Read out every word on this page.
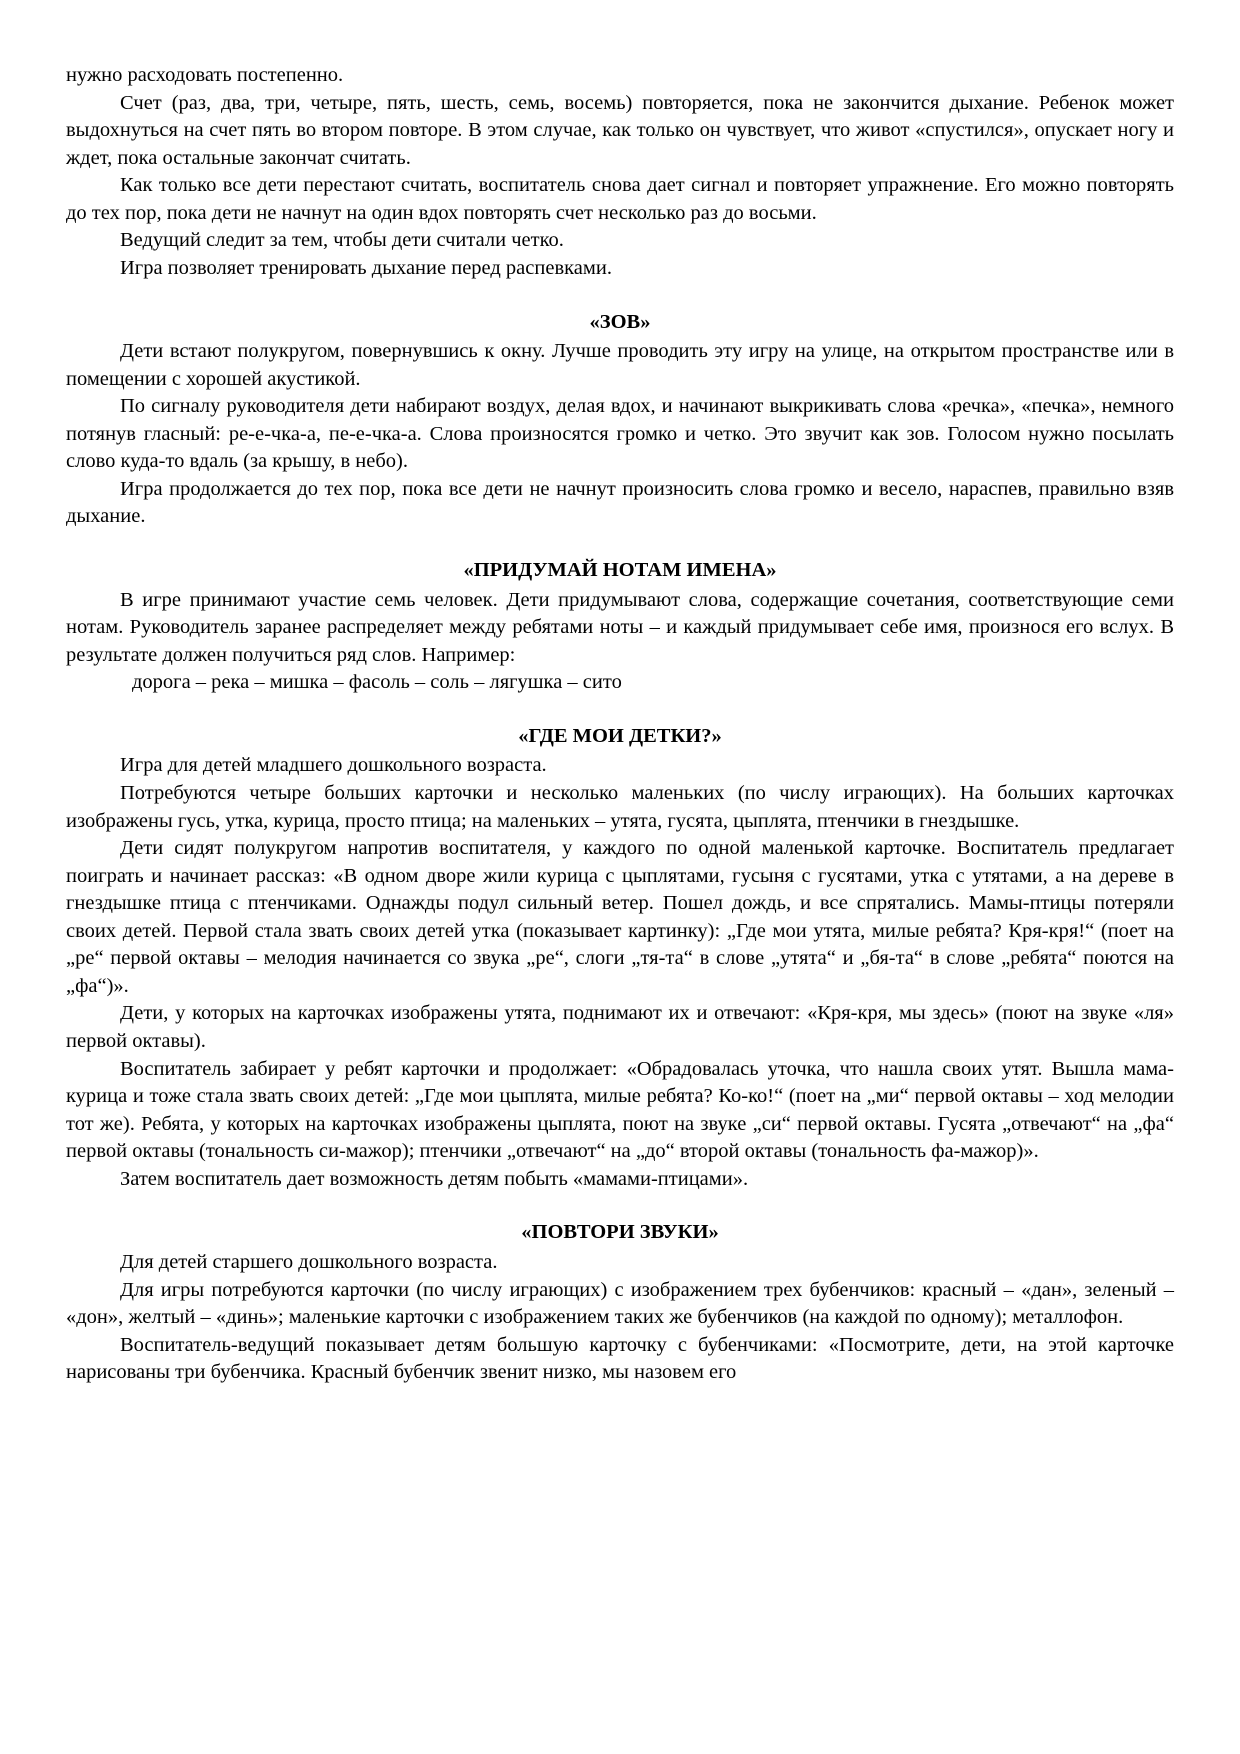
нужно расходовать постепенно.

Счет (раз, два, три, четыре, пять, шесть, семь, восемь) повторяется, пока не закончится дыхание. Ребенок может выдохнуться на счет пять во втором повторе. В этом случае, как только он чувствует, что живот «спустился», опускает ногу и ждет, пока остальные закончат считать.

Как только все дети перестают считать, воспитатель снова дает сигнал и повторяет упражнение. Его можно повторять до тех пор, пока дети не начнут на один вдох повторять счет несколько раз до восьми.

Ведущий следит за тем, чтобы дети считали четко.

Игра позволяет тренировать дыхание перед распевками.

«ЗОВ»

Дети встают полукругом, повернувшись к окну. Лучше проводить эту игру на улице, на открытом пространстве или в помещении с хорошей акустикой.

По сигналу руководителя дети набирают воздух, делая вдох, и начинают выкрикивать слова «речка», «печка», немного потянув гласный: ре-е-чка-а, пе-е-чка-а. Слова произносятся громко и четко. Это звучит как зов. Голосом нужно посылать слово куда-то вдаль (за крышу, в небо).

Игра продолжается до тех пор, пока все дети не начнут произносить слова громко и весело, нараспев, правильно взяв дыхание.

«ПРИДУМАЙ НОТАМ ИМЕНА»

В игре принимают участие семь человек. Дети придумывают слова, содержащие сочетания, соответствующие семи нотам. Руководитель заранее распределяет между ребятами ноты – и каждый придумывает себе имя, произнося его вслух. В результате должен получиться ряд слов. Например:

дорога – река – мишка – фасоль – соль – лягушка – сито

«ГДЕ МОИ ДЕТКИ?»

Игра для детей младшего дошкольного возраста.

Потребуются четыре больших карточки и несколько маленьких (по числу играющих). На больших карточках изображены гусь, утка, курица, просто птица; на маленьких – утята, гусята, цыплята, птенчики в гнездышке.

Дети сидят полукругом напротив воспитателя, у каждого по одной маленькой карточке. Воспитатель предлагает поиграть и начинает рассказ: «В одном дворе жили курица с цыплятами, гусыня с гусятами, утка с утятами, а на дереве в гнездышке птица с птенчиками. Однажды подул сильный ветер. Пошел дождь, и все спрятались. Мамы-птицы потеряли своих детей. Первой стала звать своих детей утка (показывает картинку): „Где мои утята, милые ребята? Кря-кря!“ (поет на „ре“ первой октавы – мелодия начинается со звука „ре“, слоги „тя-та“ в слове „утята“ и „бя-та“ в слове „ребята“ поются на „фа“)».

Дети, у которых на карточках изображены утята, поднимают их и отвечают: «Кря-кря, мы здесь» (поют на звуке «ля» первой октавы).

Воспитатель забирает у ребят карточки и продолжает: «Обрадовалась уточка, что нашла своих утят. Вышла мама-курица и тоже стала звать своих детей: „Где мои цыплята, милые ребята? Ко-ко!“ (поет на „ми“ первой октавы – ход мелодии тот же). Ребята, у которых на карточках изображены цыплята, поют на звуке „си“ первой октавы. Гусята „отвечают“ на „фа“ первой октавы (тональность си-мажор); птенчики „отвечают“ на „до“ второй октавы (тональность фа-мажор)».

Затем воспитатель дает возможность детям побыть «мамами-птицами».

«ПОВТОРИ ЗВУКИ»

Для детей старшего дошкольного возраста.

Для игры потребуются карточки (по числу играющих) с изображением трех бубенчиков: красный – «дан», зеленый – «дон», желтый – «динь»; маленькие карточки с изображением таких же бубенчиков (на каждой по одному); металлофон.

Воспитатель-ведущий показывает детям большую карточку с бубенчиками: «Посмотрите, дети, на этой карточке нарисованы три бубенчика. Красный бубенчик звенит низко, мы назовем его
